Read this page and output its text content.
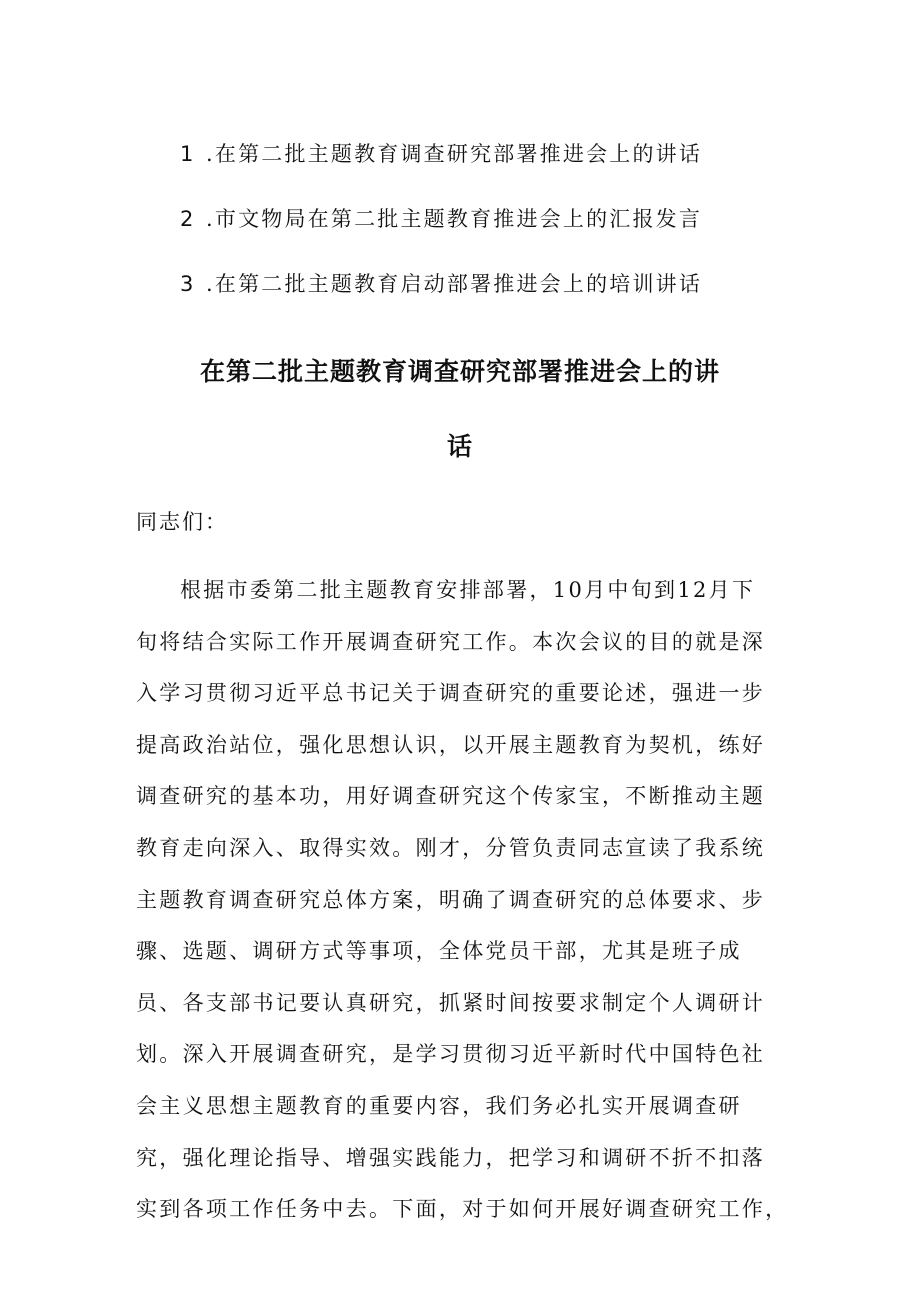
1 .在第二批主题教育调查研究部署推进会上的讲话
2 .市文物局在第二批主题教育推进会上的汇报发言
3 .在第二批主题教育启动部署推进会上的培训讲话
在第二批主题教育调查研究部署推进会上的讲
话

同志们：

根据市委第二批主题教育安排部署，10月中旬到12月下
旬将结合实际工作开展调查研究工作。本次会议的目的就是深
入学习贯彻习近平总书记关于调查研究的重要论述，强进一步
提高政治站位，强化思想认识，以开展主题教育为契机，练好
调查研究的基本功，用好调查研究这个传家宝，不断推动主题
教育走向深入、取得实效。刚才，分管负责同志宣读了我系统
主题教育调查研究总体方案，明确了调查研究的总体要求、步
骤、选题、调研方式等事项，全体党员干部，尤其是班子成
员、各支部书记要认真研究，抓紧时间按要求制定个人调研计
划。深入开展调查研究，是学习贯彻习近平新时代中国特色社
会主义思想主题教育的重要内容，我们务必扎实开展调查研
究，强化理论指导、增强实践能力，把学习和调研不折不扣落
实到各项工作任务中去。下面，对于如何开展好调查研究工作，
